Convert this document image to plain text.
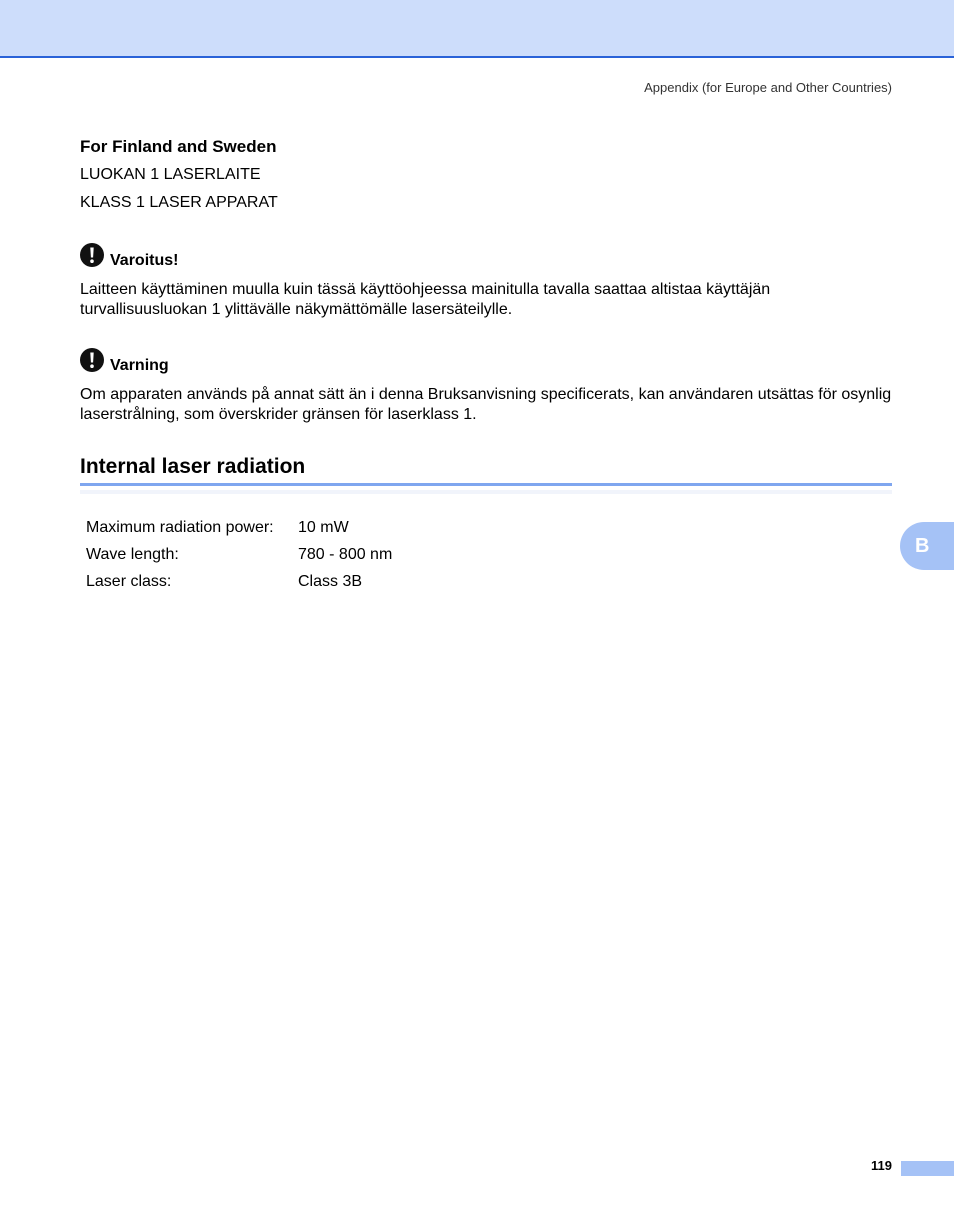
Appendix (for Europe and Other Countries)
For Finland and Sweden
LUOKAN 1 LASERLAITE
KLASS 1 LASER APPARAT
Varoitus!
Laitteen käyttäminen muulla kuin tässä käyttöohjeessa mainitulla tavalla saattaa altistaa käyttäjän turvallisuusluokan 1 ylittävälle näkymättömälle lasersäteilylle.
Varning
Om apparaten används på annat sätt än i denna Bruksanvisning specificerats, kan användaren utsättas för osynlig laserstrålning, som överskrider gränsen för laserklass 1.
Internal laser radiation
Maximum radiation power:	10 mW
Wave length:	780 - 800 nm
Laser class:	Class 3B
B
119
